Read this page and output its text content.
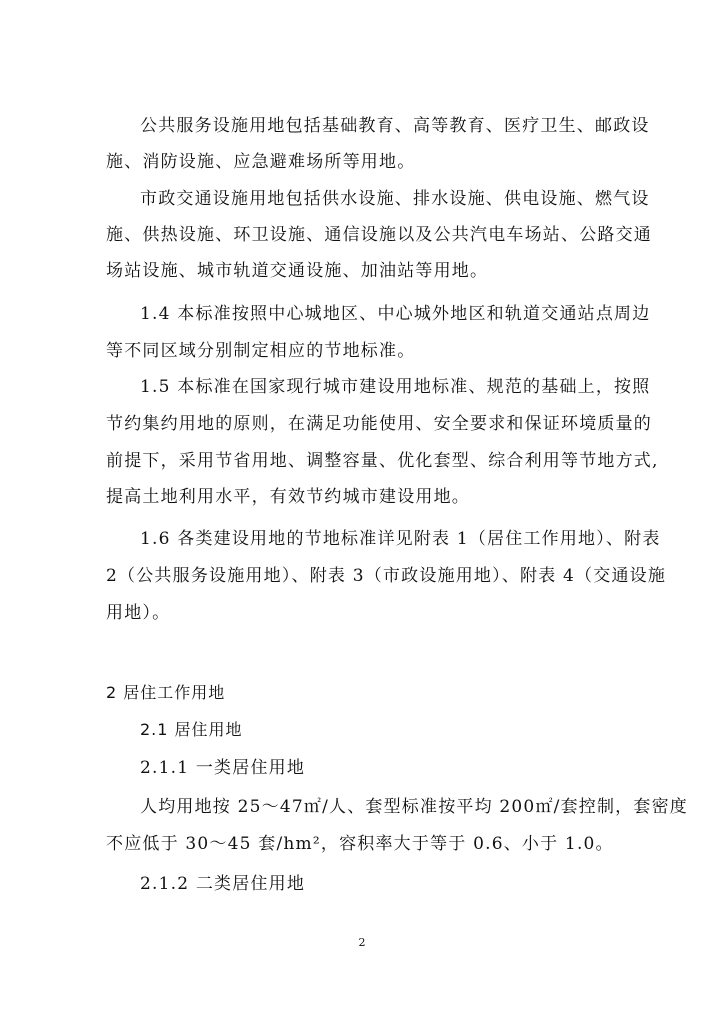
公共服务设施用地包括基础教育、高等教育、医疗卫生、邮政设
施、消防设施、应急避难场所等用地。
市政交通设施用地包括供水设施、排水设施、供电设施、燃气设
施、供热设施、环卫设施、通信设施以及公共汽电车场站、公路交通
场站设施、城市轨道交通设施、加油站等用地。
1.4 本标准按照中心城地区、中心城外地区和轨道交通站点周边
等不同区域分别制定相应的节地标准。
1.5 本标准在国家现行城市建设用地标准、规范的基础上，按照
节约集约用地的原则，在满足功能使用、安全要求和保证环境质量的
前提下，采用节省用地、调整容量、优化套型、综合利用等节地方式,
提高土地利用水平，有效节约城市建设用地。
1.6 各类建设用地的节地标准详见附表 1（居住工作用地）、附表
2（公共服务设施用地）、附表 3（市政设施用地）、附表 4（交通设施
用地）。
2 居住工作用地
2.1 居住用地
2.1.1 一类居住用地
人均用地按 25～47㎡/人、套型标准按平均 200㎡/套控制，套密度
不应低于 30～45 套/hm²，容积率大于等于 0.6、小于 1.0。
2.1.2 二类居住用地
2
